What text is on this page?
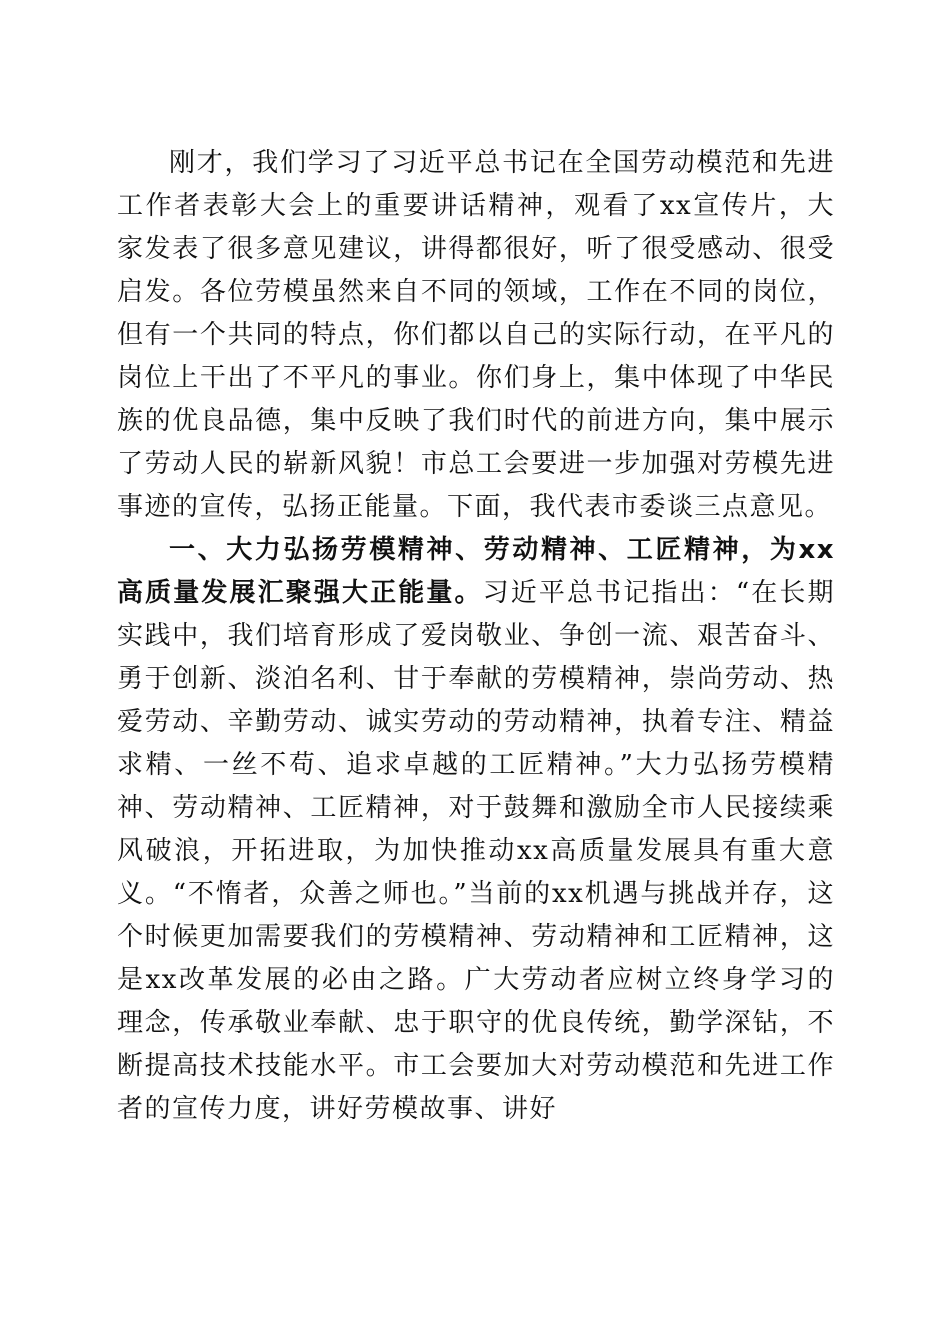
刚才，我们学习了习近平总书记在全国劳动模范和先进工作者表彰大会上的重要讲话精神，观看了xx宣传片，大家发表了很多意见建议，讲得都很好，听了很受感动、很受启发。各位劳模虽然来自不同的领域，工作在不同的岗位，但有一个共同的特点，你们都以自己的实际行动，在平凡的岗位上干出了不平凡的事业。你们身上，集中体现了中华民族的优良品德，集中反映了我们时代的前进方向，集中展示了劳动人民的崭新风貌！市总工会要进一步加强对劳模先进事迹的宣传，弘扬正能量。下面，我代表市委谈三点意见。

一、大力弘扬劳模精神、劳动精神、工匠精神，为xx高质量发展汇聚强大正能量。习近平总书记指出：“在长期实践中，我们培育形成了爱岗敬业、争创一流、艰苦奋斗、勇于创新、淡泊名利、甘于奉献的劳模精神，崇尚劳动、热爱劳动、辛勤劳动、诚实劳动的劳动精神，执着专注、精益求精、一丝不苟、追求卓越的工匠精神。”大力弘扬劳模精神、劳动精神、工匠精神，对于鼓舞和激励全市人民接续乘风破浪，开拓进取，为加快推动xx高质量发展具有重大意义。“不惰者，众善之师也。”当前的xx机遇与挑战并存，这个时候更加需要我们的劳模精神、劳动精神和工匠精神，这是xx改革发展的必由之路。广大劳动者应树立终身学习的理念，传承敬业奉献、忠于职守的优良传统，勤学深钻，不断提高技术技能水平。市工会要加大对劳动模范和先进工作者的宣传力度，讲好劳模故事、讲好
